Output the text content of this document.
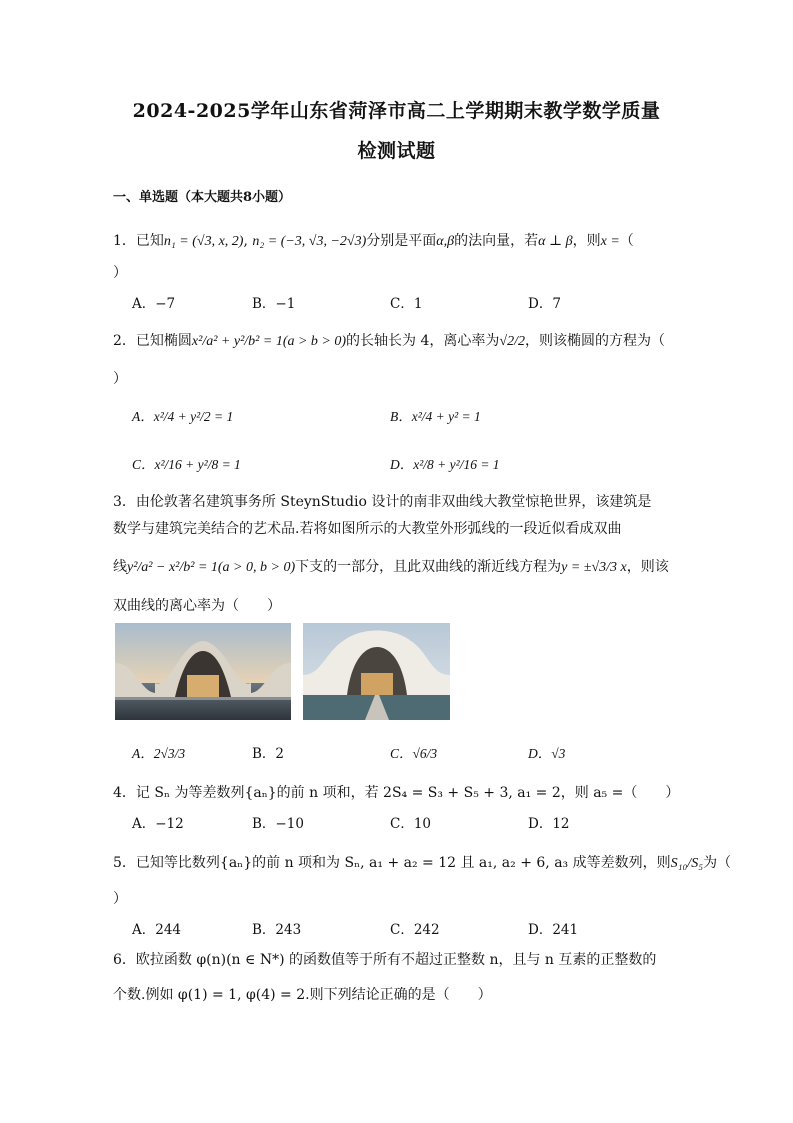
2024-2025学年山东省菏泽市高二上学期期末教学数学质量
检测试题
一、单选题（本大题共8小题）
1．已知n₁ = (√3, x, 2), n₂ = (−3, √3, −2√3)分别是平面α,β的法向量，若α ⊥ β，则x =（
）
A．−7	B．−1	C．1	D．7
2．已知椭圆x²/a² + y²/b² = 1(a > b > 0)的长轴长为 4，离心率为√2/2，则该椭圆的方程为（
）
A．x²/4 + y²/2 = 1	B．x²/4 + y² = 1
C．x²/16 + y²/8 = 1	D．x²/8 + y²/16 = 1
3．由伦敦著名建筑事务所 SteynStudio 设计的南非双曲线大教堂惊艳世界，该建筑是
数学与建筑完美结合的艺术品.若将如图所示的大教堂外形弧线的一段近似看成双曲
线y²/a² − x²/b² = 1(a > 0, b > 0)下支的一部分，且此双曲线的渐近线方程为y = ±√3/3 x，则该
双曲线的离心率为（　　）
A．2√3/3	B．2	C．√6/3	D．√3
4．记 Sₙ 为等差数列{aₙ}的前 n 项和，若 2S₄ = S₃ + S₅ + 3, a₁ = 2，则 a₅ =（　　）
A．−12	B．−10	C．10	D．12
5．已知等比数列{aₙ}的前 n 项和为 Sₙ, a₁ + a₂ = 12 且 a₁, a₂ + 6, a₃ 成等差数列，则S₁₀/S₅为（
）
A．244	B．243	C．242	D．241
6．欧拉函数 φ(n)(n ∈ N*) 的函数值等于所有不超过正整数 n，且与 n 互素的正整数的
个数.例如 φ(1) = 1, φ(4) = 2.则下列结论正确的是（　　）
